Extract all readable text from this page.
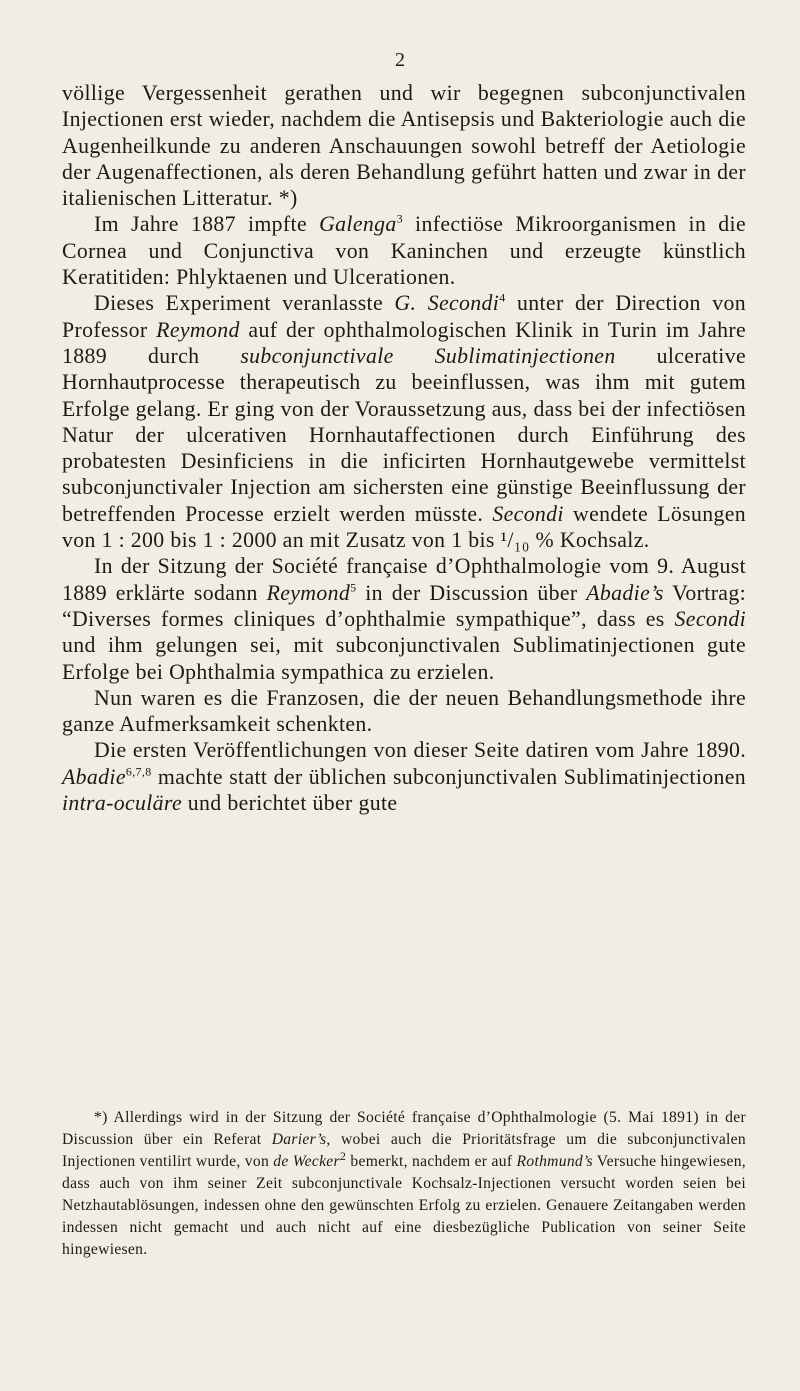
2

völlige Vergessenheit gerathen und wir begegnen subconjunctivalen Injectionen erst wieder, nachdem die Antisepsis und Bakteriologie auch die Augenheilkunde zu anderen Anschauungen sowohl betreff der Aetiologie der Augenaffectionen, als deren Behandlung geführt hatten und zwar in der italienischen Litteratur. *)

Im Jahre 1887 impfte Galenga$^3$ infectiöse Mikroorganismen in die Cornea und Conjunctiva von Kaninchen und erzeugte künstlich Keratitiden: Phlyktaenen und Ulcerationen.

Dieses Experiment veranlasste G. Secondi$^4$ unter der Direction von Professor Reymond auf der ophthalmologischen Klinik in Turin im Jahre 1889 durch subconjunctivale Sublimatinjectionen ulcerative Hornhautprocesse therapeutisch zu beeinflussen, was ihm mit gutem Erfolge gelang. Er ging von der Voraussetzung aus, dass bei der infectiösen Natur der ulcerativen Hornhautaffectionen durch Einführung des probatesten Desinficiens in die inficirten Hornhautgewebe vermittelst subconjunctivaler Injection am sichersten eine günstige Beeinflussung der betreffenden Processe erzielt werden müsste. Secondi wendete Lösungen von 1 : 200 bis 1 : 2000 an mit Zusatz von 1 bis ¹/₁₀ % Kochsalz.

In der Sitzung der Société française d’Ophthalmologie vom 9. August 1889 erklärte sodann Reymond$^5$ in der Discussion über Abadie’s Vortrag: “Diverses formes cliniques d’ophthalmie sympathique”, dass es Secondi und ihm gelungen sei, mit subconjunctivalen Sublimatinjectionen gute Erfolge bei Ophthalmia sympathica zu erzielen.

Nun waren es die Franzosen, die der neuen Behandlungsmethode ihre ganze Aufmerksamkeit schenkten.

Die ersten Veröffentlichungen von dieser Seite datiren vom Jahre 1890. Abadie$^{6,7,8}$ machte statt der üblichen subconjunctivalen Sublimatinjectionen intra-oculäre und berichtet über gute

*) Allerdings wird in der Sitzung der Société française d’Ophthalmologie (5. Mai 1891) in der Discussion über ein Referat Darier’s, wobei auch die Prioritätsfrage um die subconjunctivalen Injectionen ventilirt wurde, von de Wecker$^2$ bemerkt, nachdem er auf Rothmund’s Versuche hingewiesen, dass auch von ihm seiner Zeit subconjunctivale Kochsalz-Injectionen versucht worden seien bei Netzhautablösungen, indessen ohne den gewünschten Erfolg zu erzielen. Genauere Zeitangaben werden indessen nicht gemacht und auch nicht auf eine diesbezügliche Publication von seiner Seite hingewiesen.
